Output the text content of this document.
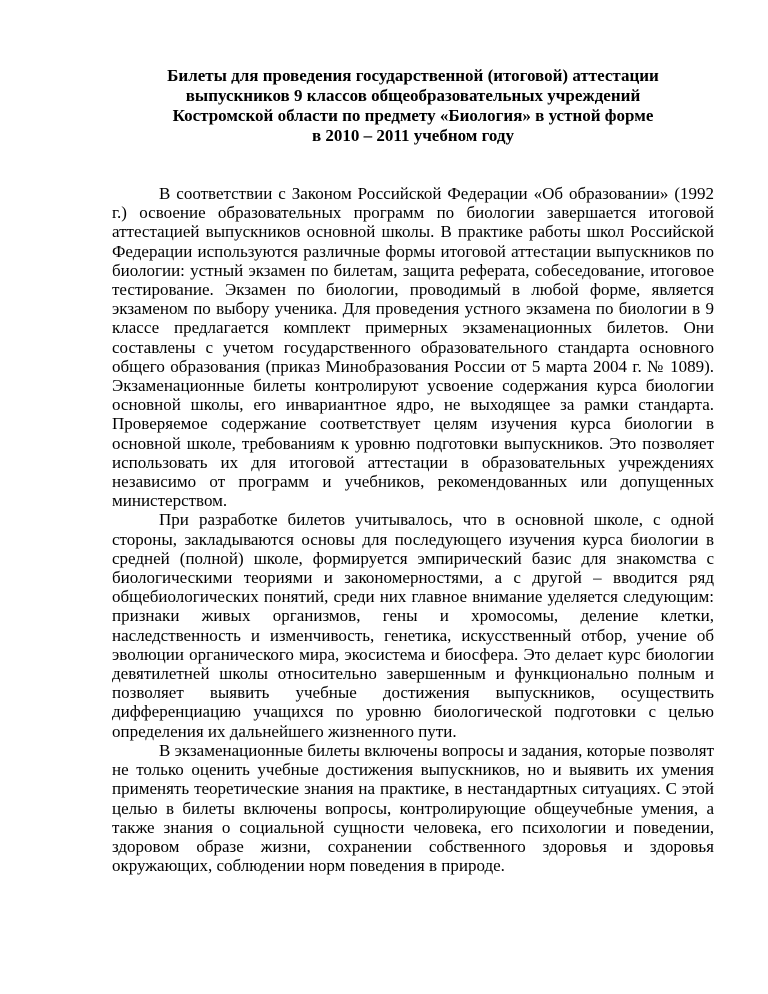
Билеты для проведения государственной (итоговой) аттестации
выпускников 9 классов общеобразовательных учреждений
Костромской области по предмету «Биология» в устной форме
в 2010 – 2011 учебном году

В соответствии с Законом Российской Федерации «Об образовании» (1992 г.) освоение образовательных программ по биологии завершается итоговой аттестацией выпускников основной школы. В практике работы школ Российской Федерации используются различные формы итоговой аттестации выпускников по биологии: устный экзамен по билетам, защита реферата, собеседование, итоговое тестирование. Экзамен по биологии, проводимый в любой форме, является экзаменом по выбору ученика. Для проведения устного экзамена по биологии в 9 классе предлагается комплект примерных экзаменационных билетов. Они составлены с учетом государственного образовательного стандарта основного общего образования (приказ Минобразования России от 5 марта 2004 г. № 1089). Экзаменационные билеты контролируют усвоение содержания курса биологии основной школы, его инвариантное ядро, не выходящее за рамки стандарта. Проверяемое содержание соответствует целям изучения курса биологии в основной школе, требованиям к уровню подготовки выпускников. Это позволяет использовать их для итоговой аттестации в образовательных учреждениях независимо от программ и учебников, рекомендованных или допущенных министерством.

При разработке билетов учитывалось, что в основной школе, с одной стороны, закладываются основы для последующего изучения курса биологии в средней (полной) школе, формируется эмпирический базис для знакомства с биологическими теориями и закономерностями, а с другой – вводится ряд общебиологических понятий, среди них главное внимание уделяется следующим: признаки живых организмов, гены и хромосомы, деление клетки, наследственность и изменчивость, генетика, искусственный отбор, учение об эволюции органического мира, экосистема и биосфера. Это делает курс биологии девятилетней школы относительно завершенным и функционально полным и позволяет выявить учебные достижения выпускников, осуществить дифференциацию учащихся по уровню биологической подготовки с целью определения их дальнейшего жизненного пути.

В экзаменационные билеты включены вопросы и задания, которые позволят не только оценить учебные достижения выпускников, но и выявить их умения применять теоретические знания на практике, в нестандартных ситуациях. С этой целью в билеты включены вопросы, контролирующие общеучебные умения, а также знания о социальной сущности человека, его психологии и поведении, здоровом образе жизни, сохранении собственного здоровья и здоровья окружающих, соблюдении норм поведения в природе.
